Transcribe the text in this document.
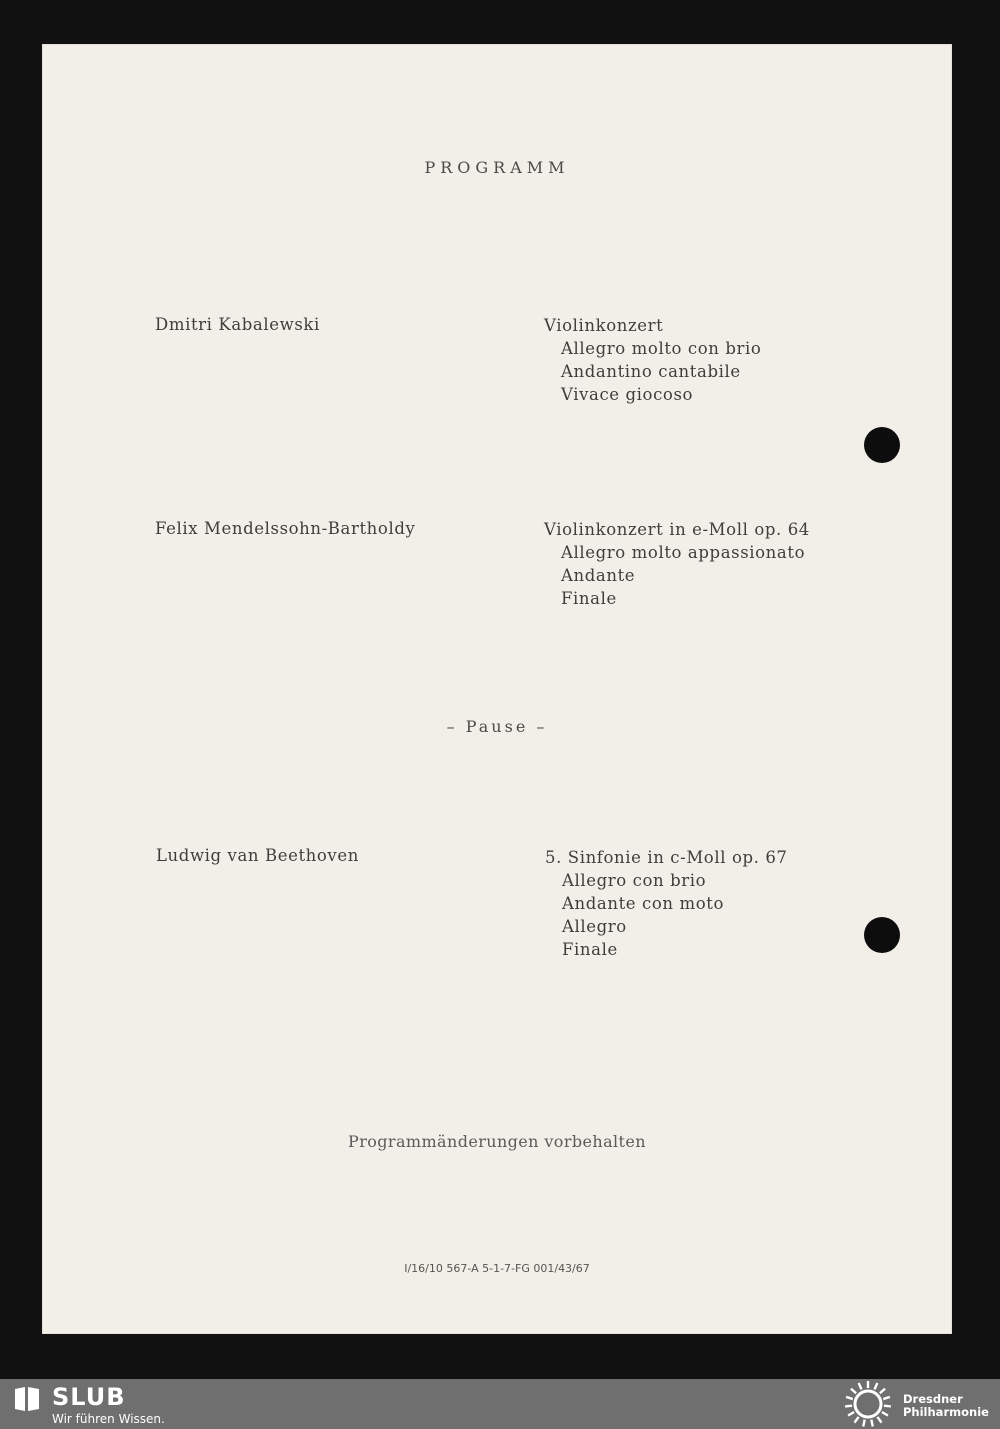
PROGRAMM
Dmitri Kabalewski	Violinkonzert
Allegro molto con brio
Andantino cantabile
Vivace giocoso
Felix Mendelssohn-Bartholdy	Violinkonzert in e-Moll op. 64
Allegro molto appassionato
Andante
Finale
– Pause –
Ludwig van Beethoven	5. Sinfonie in c-Moll op. 67
Allegro con brio
Andante con moto
Allegro
Finale
Programmänderungen vorbehalten
I/16/10 567-A 5-1-7-FG 001/43/67
SLUB
Wir führen Wissen.
Dresdner
Philharmonie
